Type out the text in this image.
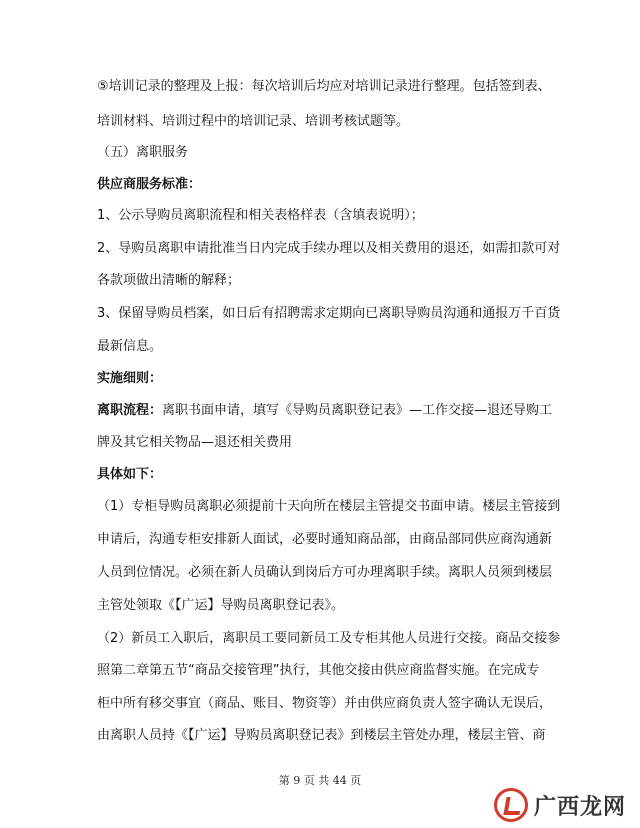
⑤培训记录的整理及上报：每次培训后均应对培训记录进行整理。包括签到表、
培训材料、培训过程中的培训记录、培训考核试题等。
（五）离职服务
供应商服务标准：
1、公示导购员离职流程和相关表格样表（含填表说明）；
2、导购员离职申请批准当日内完成手续办理以及相关费用的退还，如需扣款可对
各款项做出清晰的解释；
3、保留导购员档案，如日后有招聘需求定期向已离职导购员沟通和通报万千百货
最新信息。
实施细则：
离职流程：离职书面申请，填写《导购员离职登记表》—工作交接—退还导购工
牌及其它相关物品—退还相关费用
具体如下：
（1）专柜导购员离职必须提前十天向所在楼层主管提交书面申请。楼层主管接到
申请后，沟通专柜安排新人面试，必要时通知商品部，由商品部同供应商沟通新
人员到位情况。必须在新人员确认到岗后方可办理离职手续。离职人员须到楼层
主管处领取《【广运】导购员离职登记表》。
（2）新员工入职后，离职员工要同新员工及专柜其他人员进行交接。商品交接参
照第二章第五节“商品交接管理”执行，其他交接由供应商监督实施。在完成专
柜中所有移交事宜（商品、账目、物资等）并由供应商负责人签字确认无误后，
由离职人员持《【广运】导购员离职登记表》到楼层主管处办理，楼层主管、商
第 9 页 共 44 页
广西龙网
